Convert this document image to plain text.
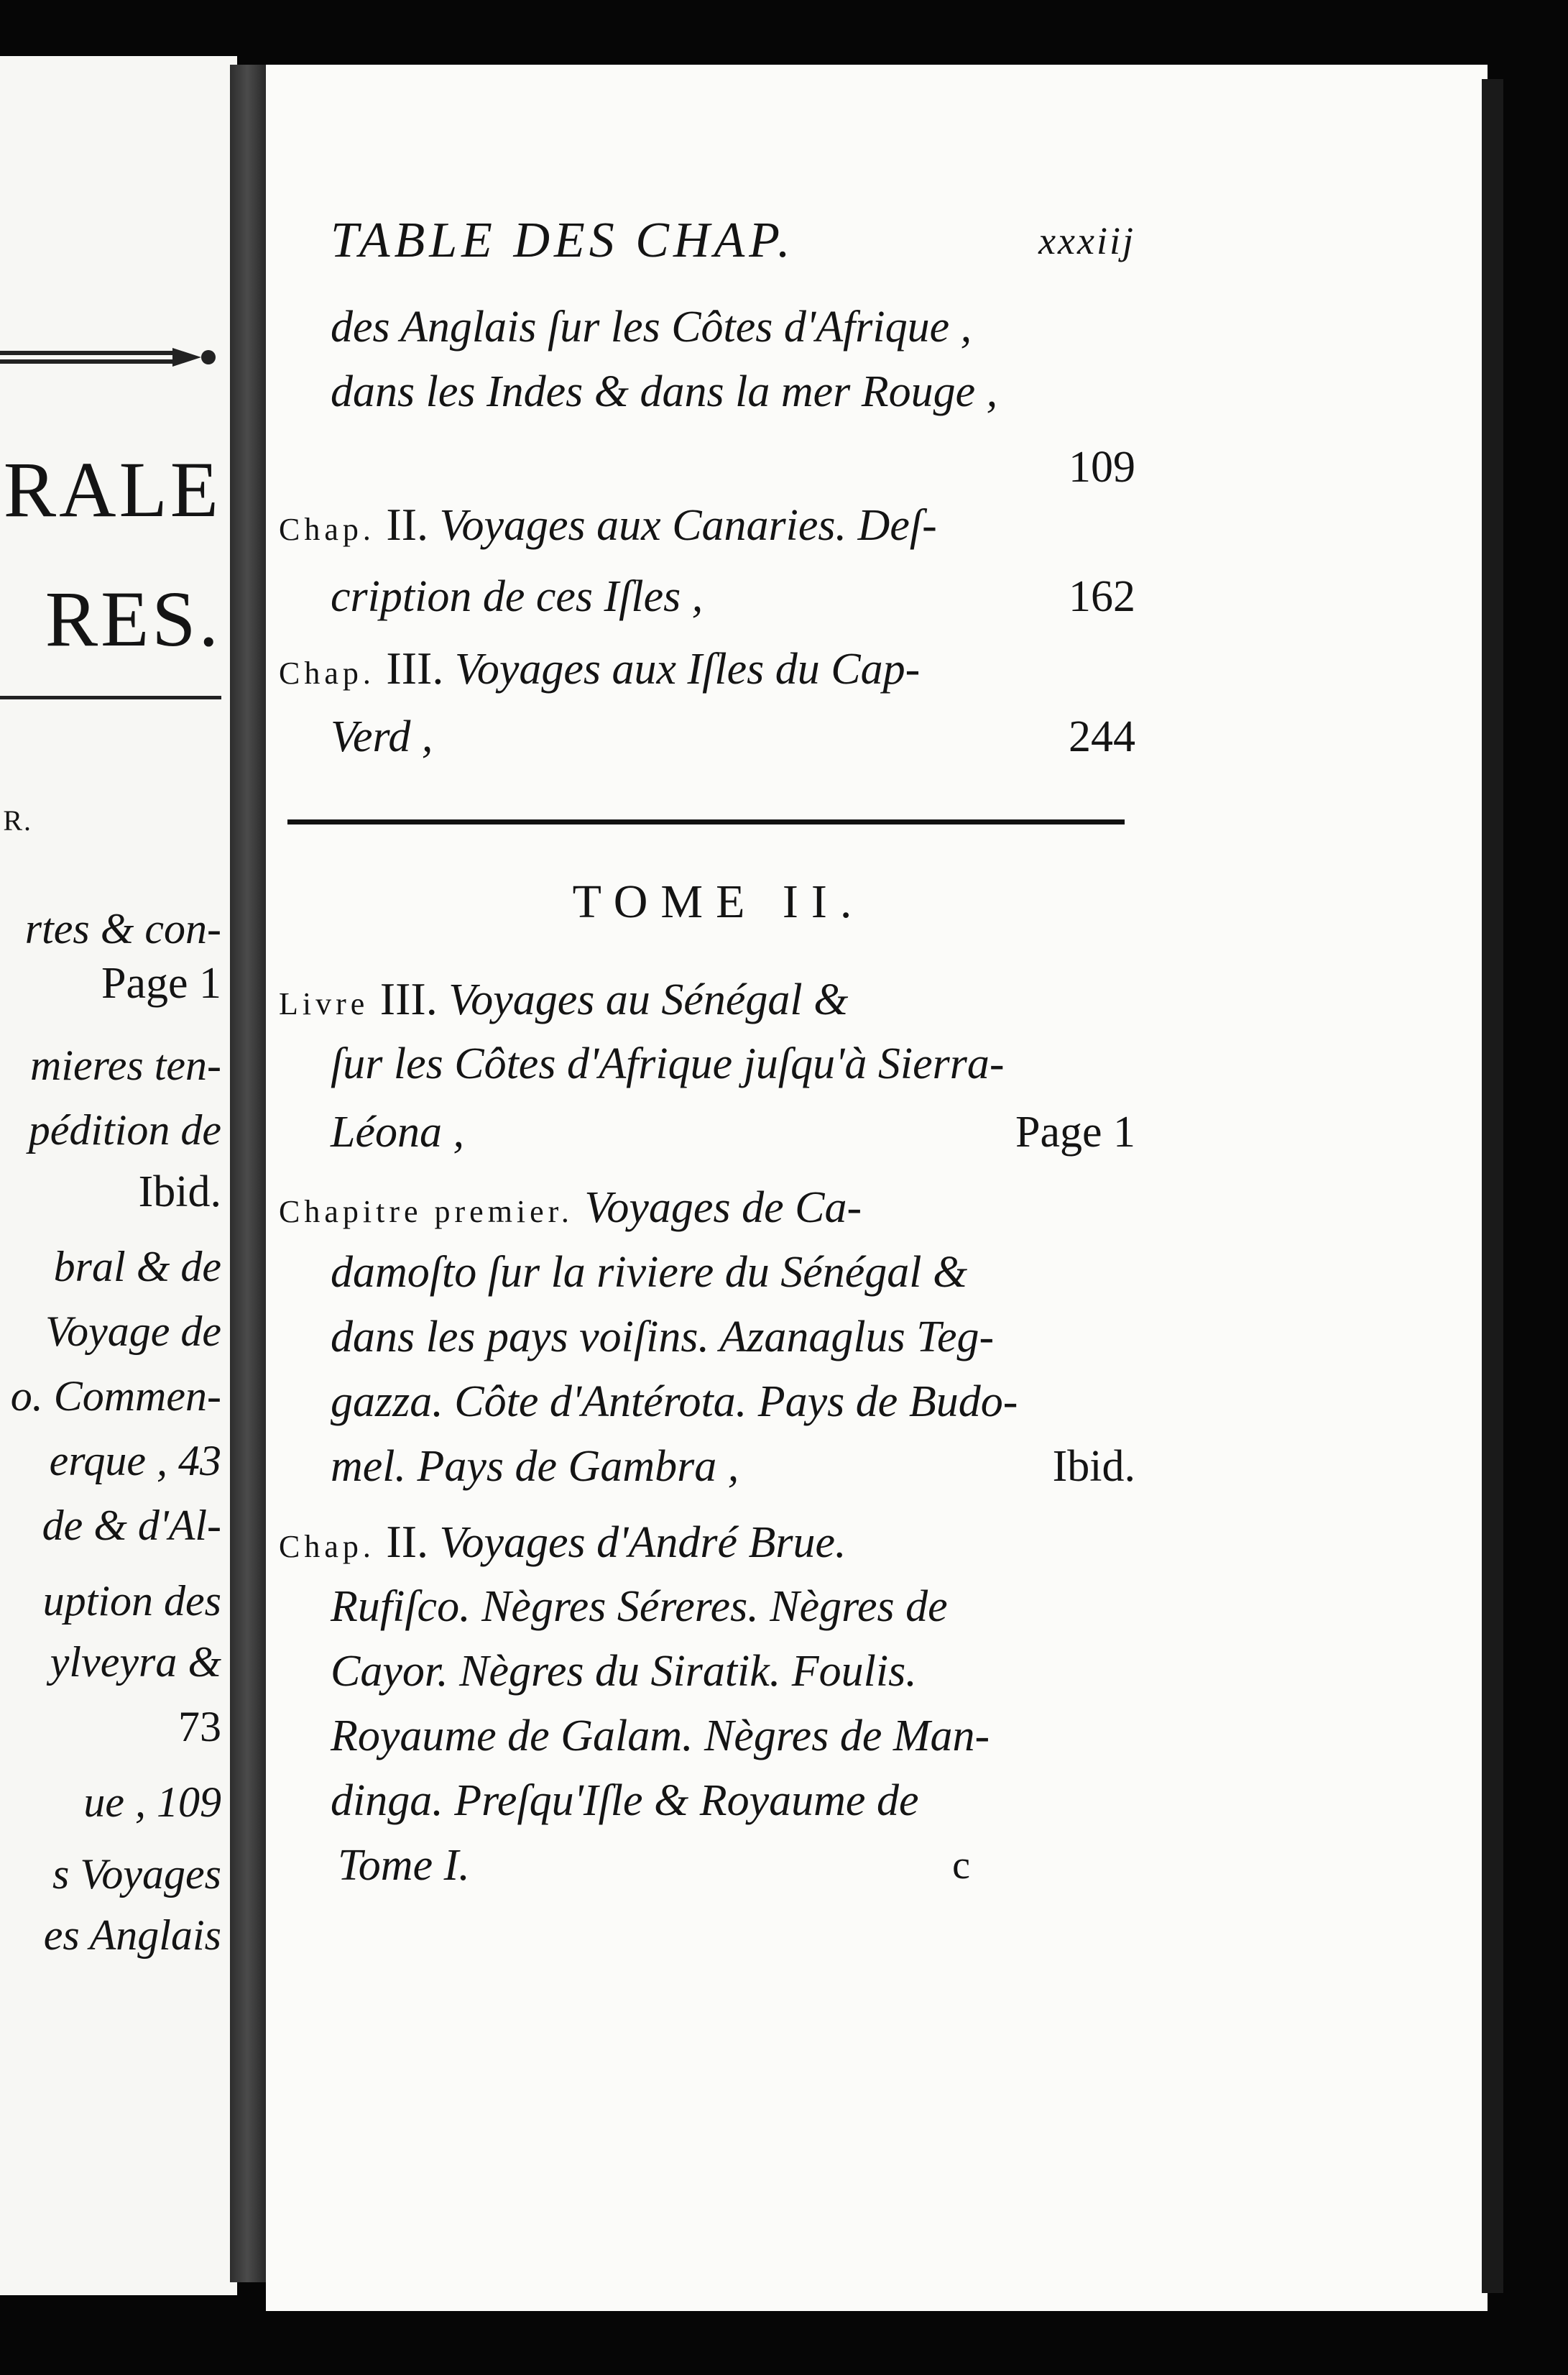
RALE
RES.
R.
rtes & con-
Page 1
mieres ten-
pédition de
Ibid.
bral & de
Voyage de
o. Commen-
erque , 43
de & d'Al-
uption des
ylveyra &
73
ue , 109
s Voyages
es Anglais
TABLE DES CHAP.	xxxiij
des Anglais ſur les Côtes d'Afrique ,
dans les Indes & dans la mer Rouge ,
109
Chap. II. Voyages aux Canaries. Deſ-
cription de ces Iſles ,	162
Chap. III. Voyages aux Iſles du Cap-
Verd ,	244
TOME II.
Livre III. Voyages au Sénégal &
ſur les Côtes d'Afrique juſqu'à Sierra-
Léona ,	Page 1
Chapitre premier. Voyages de Ca-
damoſto ſur la riviere du Sénégal &
dans les pays voiſins. Azanaglus Teg-
gazza. Côte d'Antérota. Pays de Budo-
mel. Pays de Gambra ,	Ibid.
Chap. II. Voyages d'André Brue.
Rufiſco. Nègres Séreres. Nègres de
Cayor. Nègres du Siratik. Foulis.
Royaume de Galam. Nègres de Man-
dinga. Preſqu'Iſle & Royaume de
Tome I.	c
